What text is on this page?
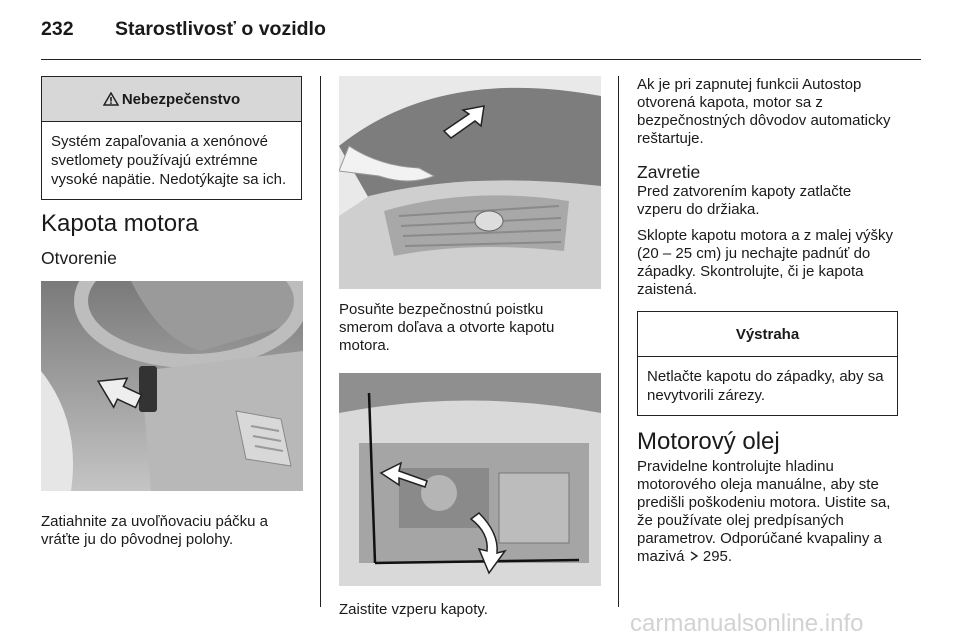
232 Starostlivosť o vozidlo
Nebezpečenstvo
Systém zapaľovania a xenónové svetlomety používajú extrémne vysoké napätie. Nedotýkajte sa ich.
Kapota motora
Otvorenie

Zatiahnite za uvoľňovaciu páčku a vráťte ju do pôvodnej polohy.

Posuňte bezpečnostnú poistku smerom doľava a otvorte kapotu motora.

Zaistite vzperu kapoty.

Ak je pri zapnutej funkcii Autostop otvorená kapota, motor sa z bezpečnostných dôvodov automaticky reštartuje.

Zavretie

Pred zatvorením kapoty zatlačte vzperu do držiaka.

Sklopte kapotu motora a z malej výšky (20 – 25 cm) ju nechajte padnúť do západky. Skontrolujte, či je kapota zaistená.

Výstraha
Netlačte kapotu do západky, aby sa nevytvorili zárezy.
Motorový olej

Pravidelne kontrolujte hladinu motorového oleja manuálne, aby ste predišli poškodeniu motora. Uistite sa, že používate olej predpísaných parametrov. Odporúčané kvapaliny a mazivá 295.

carmanualsonline.info
